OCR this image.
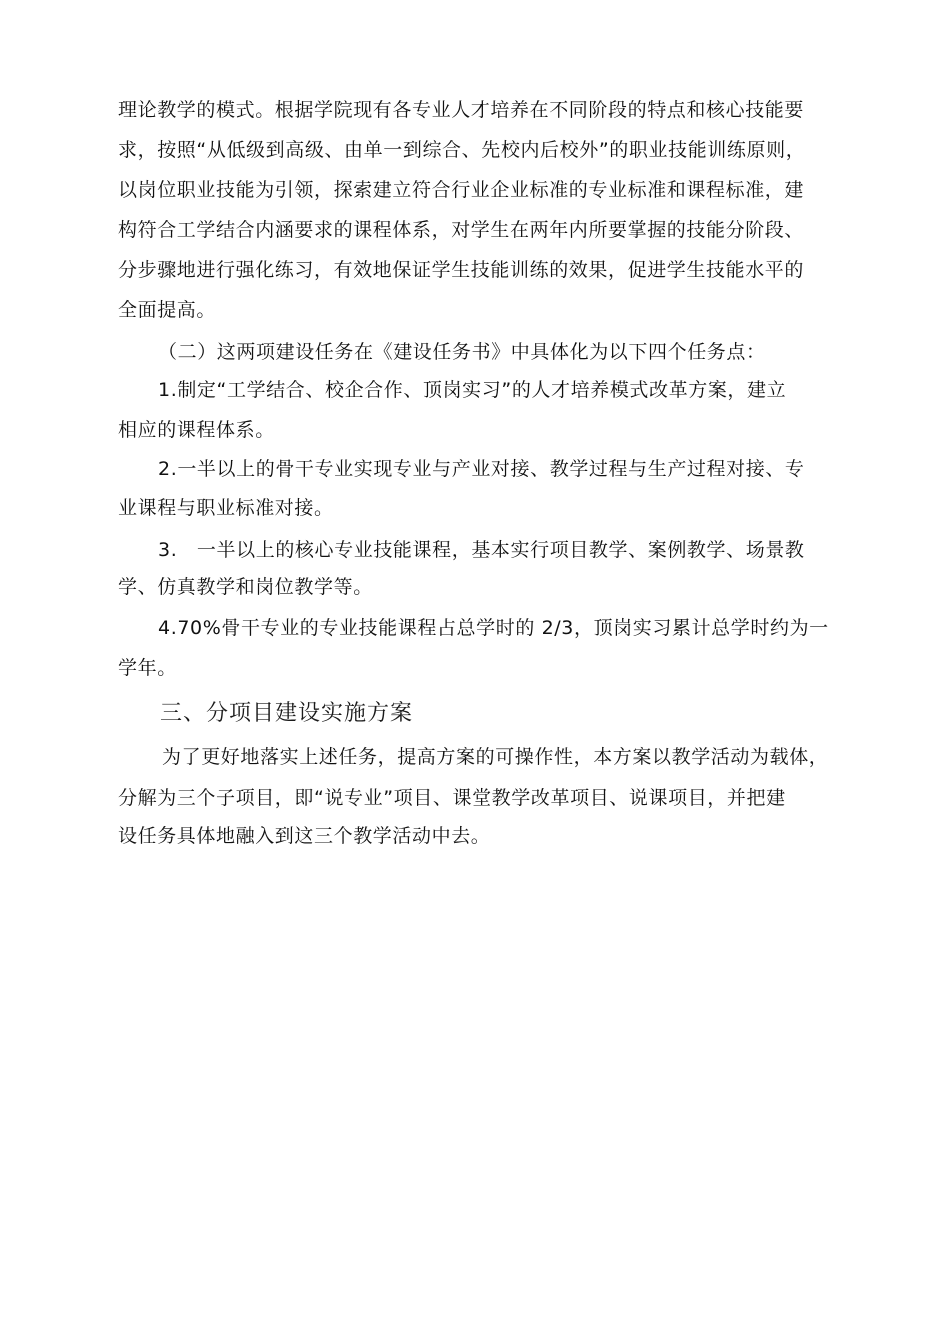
理论教学的模式。根据学院现有各专业人才培养在不同阶段的特点和核心技能要
求，按照“从低级到高级、由单一到综合、先校内后校外”的职业技能训练原则，
以岗位职业技能为引领，探索建立符合行业企业标准的专业标准和课程标准，建
构符合工学结合内涵要求的课程体系，对学生在两年内所要掌握的技能分阶段、
分步骤地进行强化练习，有效地保证学生技能训练的效果，促进学生技能水平的
全面提高。
（二）这两项建设任务在《建设任务书》中具体化为以下四个任务点：
1.制定“工学结合、校企合作、顶岗实习”的人才培养模式改革方案，建立
相应的课程体系。
2.一半以上的骨干专业实现专业与产业对接、教学过程与生产过程对接、专
业课程与职业标准对接。
3.　一半以上的核心专业技能课程，基本实行项目教学、案例教学、场景教
学、仿真教学和岗位教学等。
4.70%骨干专业的专业技能课程占总学时的 2/3，顶岗实习累计总学时约为一
学年。
三、分项目建设实施方案
为了更好地落实上述任务，提高方案的可操作性，本方案以教学活动为载体，
分解为三个子项目，即“说专业”项目、课堂教学改革项目、说课项目，并把建
设任务具体地融入到这三个教学活动中去。
